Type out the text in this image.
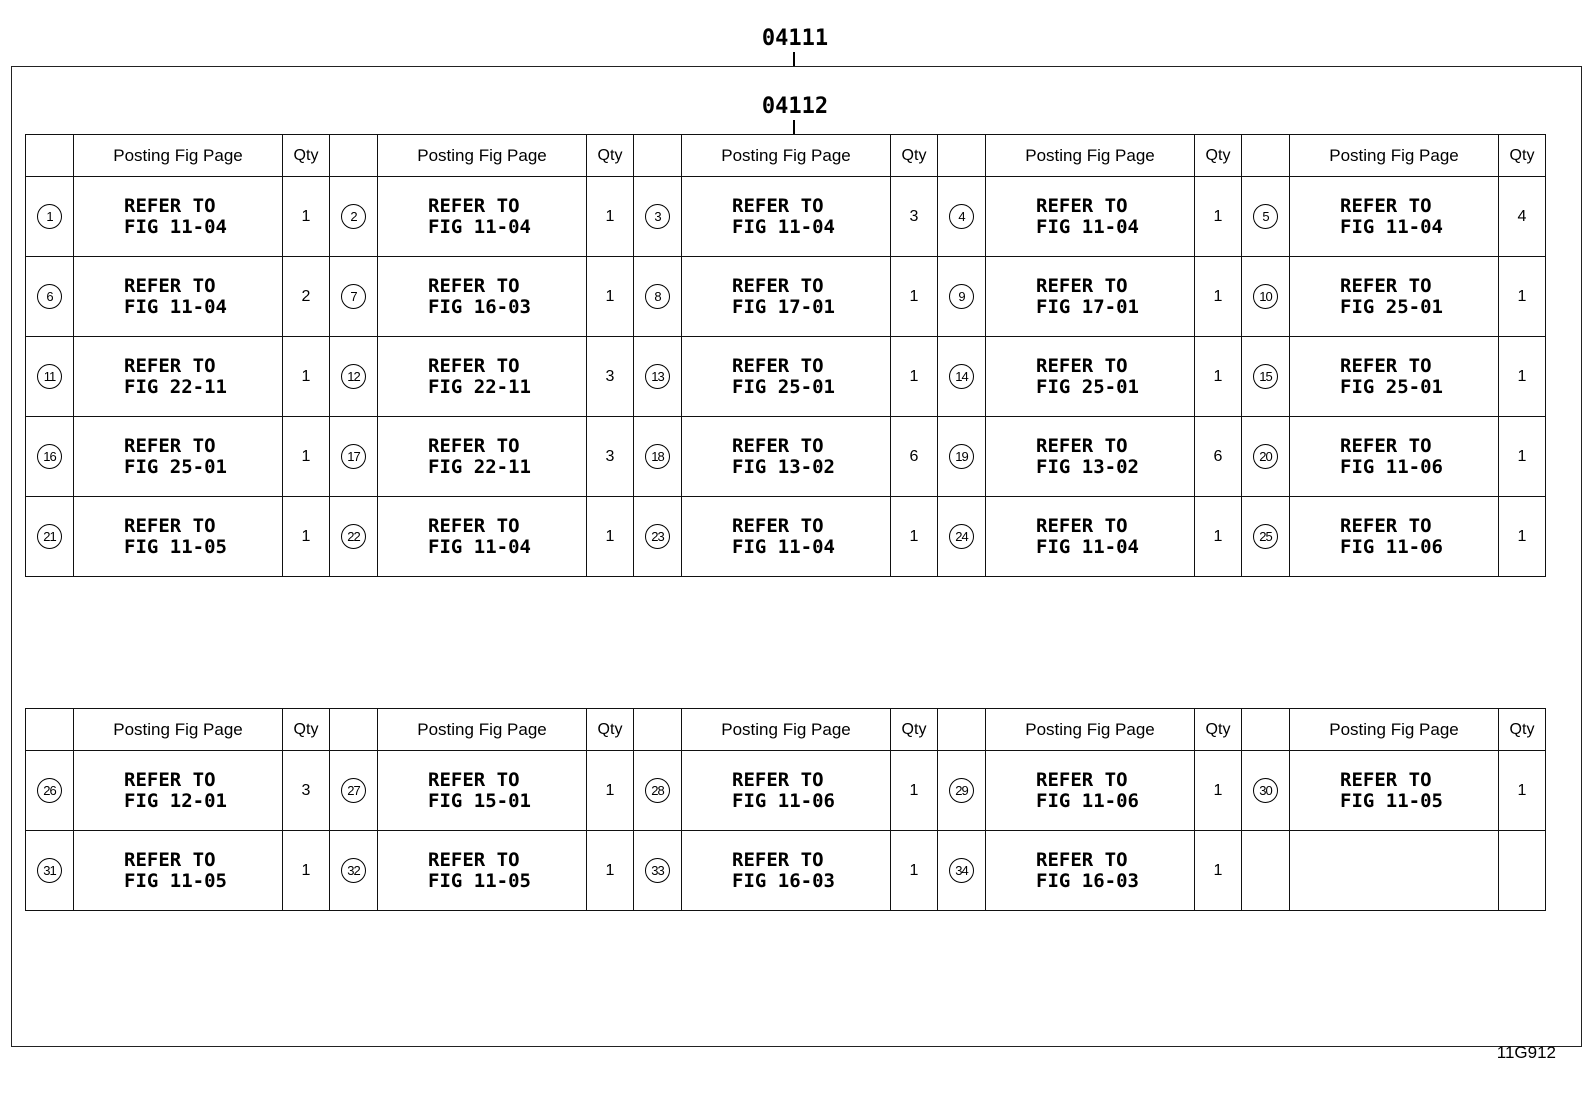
04111
04112
	Posting Fig Page	Qty		Posting Fig Page	Qty		Posting Fig Page	Qty		Posting Fig Page	Qty		Posting Fig Page	Qty
1	REFER TO
FIG 11-04	1	2	REFER TO
FIG 11-04	1	3	REFER TO
FIG 11-04	3	4	REFER TO
FIG 11-04	1	5	REFER TO
FIG 11-04	4
6	REFER TO
FIG 11-04	2	7	REFER TO
FIG 16-03	1	8	REFER TO
FIG 17-01	1	9	REFER TO
FIG 17-01	1	10	REFER TO
FIG 25-01	1
11	REFER TO
FIG 22-11	1	12	REFER TO
FIG 22-11	3	13	REFER TO
FIG 25-01	1	14	REFER TO
FIG 25-01	1	15	REFER TO
FIG 25-01	1
16	REFER TO
FIG 25-01	1	17	REFER TO
FIG 22-11	3	18	REFER TO
FIG 13-02	6	19	REFER TO
FIG 13-02	6	20	REFER TO
FIG 11-06	1
21	REFER TO
FIG 11-05	1	22	REFER TO
FIG 11-04	1	23	REFER TO
FIG 11-04	1	24	REFER TO
FIG 11-04	1	25	REFER TO
FIG 11-06	1
	Posting Fig Page	Qty		Posting Fig Page	Qty		Posting Fig Page	Qty		Posting Fig Page	Qty		Posting Fig Page	Qty
26	REFER TO
FIG 12-01	3	27	REFER TO
FIG 15-01	1	28	REFER TO
FIG 11-06	1	29	REFER TO
FIG 11-06	1	30	REFER TO
FIG 11-05	1
31	REFER TO
FIG 11-05	1	32	REFER TO
FIG 11-05	1	33	REFER TO
FIG 16-03	1	34	REFER TO
FIG 16-03	1			
11G912
